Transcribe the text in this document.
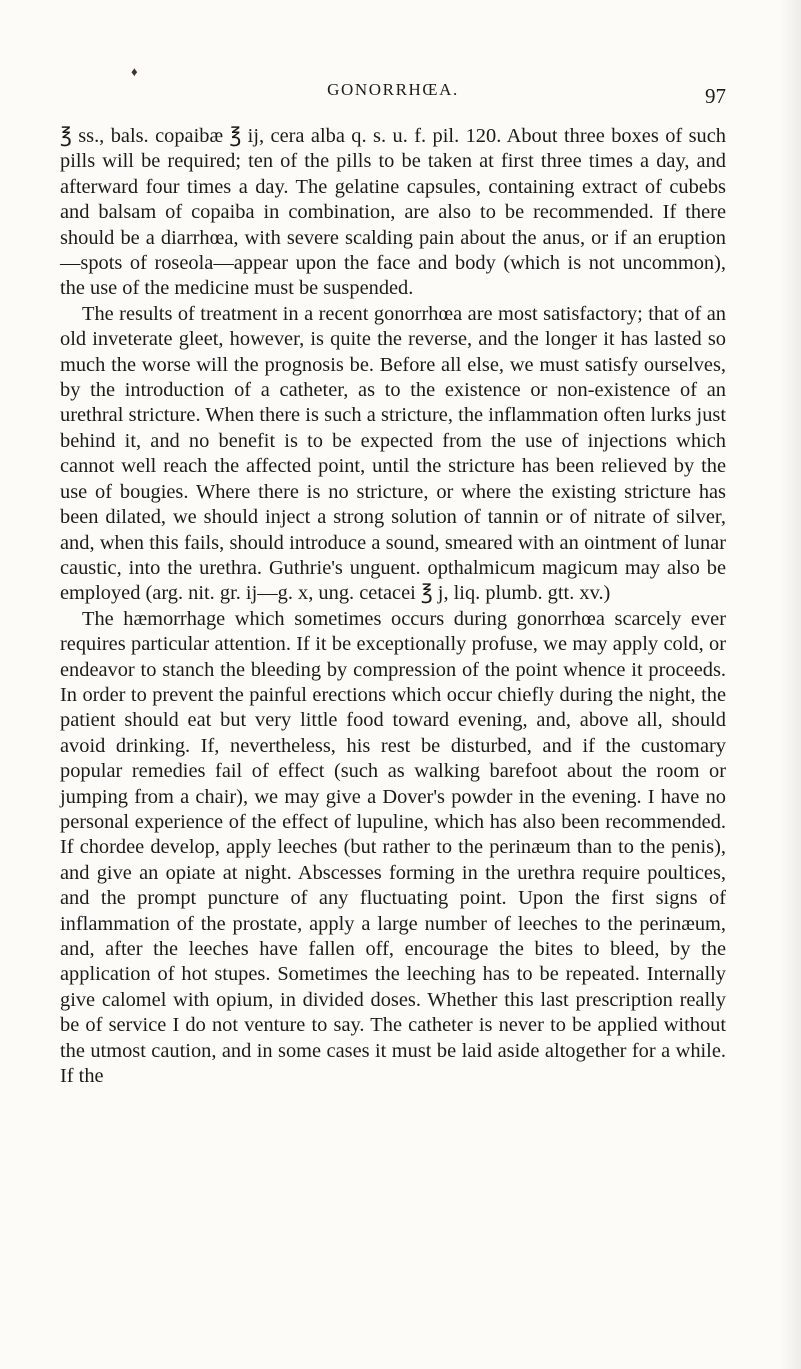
♦
GONORRHŒA.	97

℥ ss., bals. copaibæ ℥ ij, cera alba q. s. u. f. pil. 120. About three boxes of such pills will be required; ten of the pills to be taken at first three times a day, and afterward four times a day. The gelatine capsules, containing extract of cubebs and balsam of copaiba in combination, are also to be recommended. If there should be a diarrhœa, with severe scalding pain about the anus, or if an eruption—spots of roseola—appear upon the face and body (which is not uncommon), the use of the medicine must be suspended.

The results of treatment in a recent gonorrhœa are most satisfactory; that of an old inveterate gleet, however, is quite the reverse, and the longer it has lasted so much the worse will the prognosis be. Before all else, we must satisfy ourselves, by the introduction of a catheter, as to the existence or non-existence of an urethral stricture. When there is such a stricture, the inflammation often lurks just behind it, and no benefit is to be expected from the use of injections which cannot well reach the affected point, until the stricture has been relieved by the use of bougies. Where there is no stricture, or where the existing stricture has been dilated, we should inject a strong solution of tannin or of nitrate of silver, and, when this fails, should introduce a sound, smeared with an ointment of lunar caustic, into the urethra. Guthrie's unguent. opthalmicum magicum may also be employed (arg. nit. gr. ij—g. x, ung. cetacei ℥ j, liq. plumb. gtt. xv.)

The hæmorrhage which sometimes occurs during gonorrhœa scarcely ever requires particular attention. If it be exceptionally profuse, we may apply cold, or endeavor to stanch the bleeding by compression of the point whence it proceeds. In order to prevent the painful erections which occur chiefly during the night, the patient should eat but very little food toward evening, and, above all, should avoid drinking. If, nevertheless, his rest be disturbed, and if the customary popular remedies fail of effect (such as walking barefoot about the room or jumping from a chair), we may give a Dover's powder in the evening. I have no personal experience of the effect of lupuline, which has also been recommended. If chordee develop, apply leeches (but rather to the perinæum than to the penis), and give an opiate at night. Abscesses forming in the urethra require poultices, and the prompt puncture of any fluctuating point. Upon the first signs of inflammation of the prostate, apply a large number of leeches to the perinæum, and, after the leeches have fallen off, encourage the bites to bleed, by the application of hot stupes. Sometimes the leeching has to be repeated. Internally give calomel with opium, in divided doses. Whether this last prescription really be of service I do not venture to say. The catheter is never to be applied without the utmost caution, and in some cases it must be laid aside altogether for a while. If the
